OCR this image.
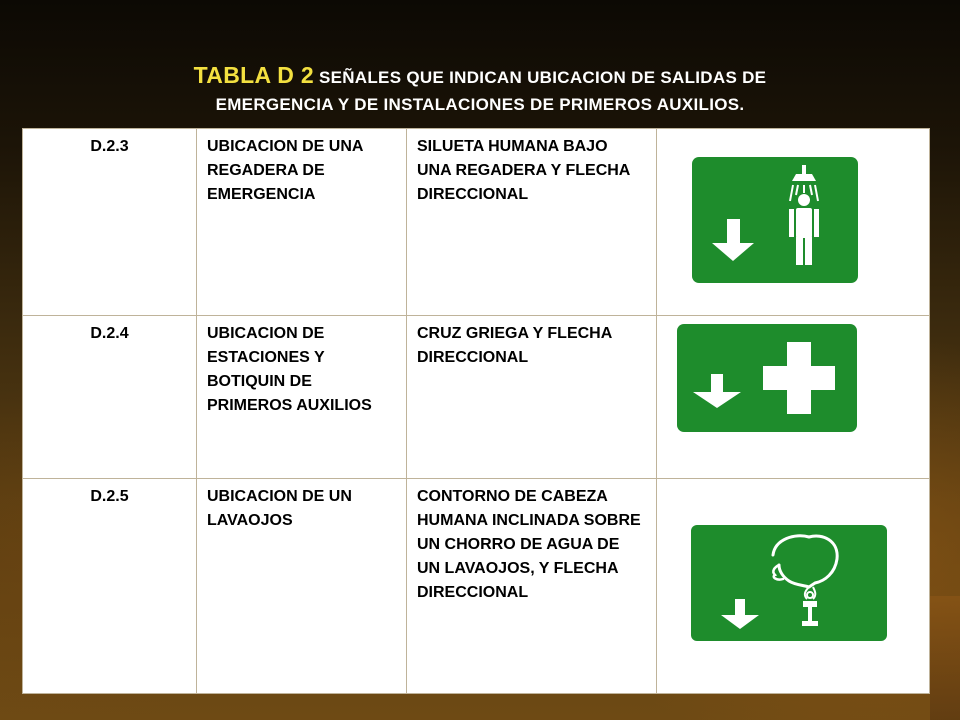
TABLA D 2 SEÑALES QUE INDICAN UBICACION DE SALIDAS DE
EMERGENCIA Y DE INSTALACIONES DE PRIMEROS AUXILIOS.
D.2.3	UBICACION DE UNA REGADERA DE EMERGENCIA	SILUETA HUMANA BAJO UNA REGADERA Y FLECHA DIRECCIONAL	

D.2.4	UBICACION DE ESTACIONES Y BOTIQUIN DE PRIMEROS AUXILIOS	CRUZ GRIEGA Y FLECHA DIRECCIONAL	

D.2.5	UBICACION DE UN LAVAOJOS	CONTORNO DE CABEZA HUMANA INCLINADA SOBRE UN CHORRO DE AGUA DE UN LAVAOJOS, Y FLECHA DIRECCIONAL	
